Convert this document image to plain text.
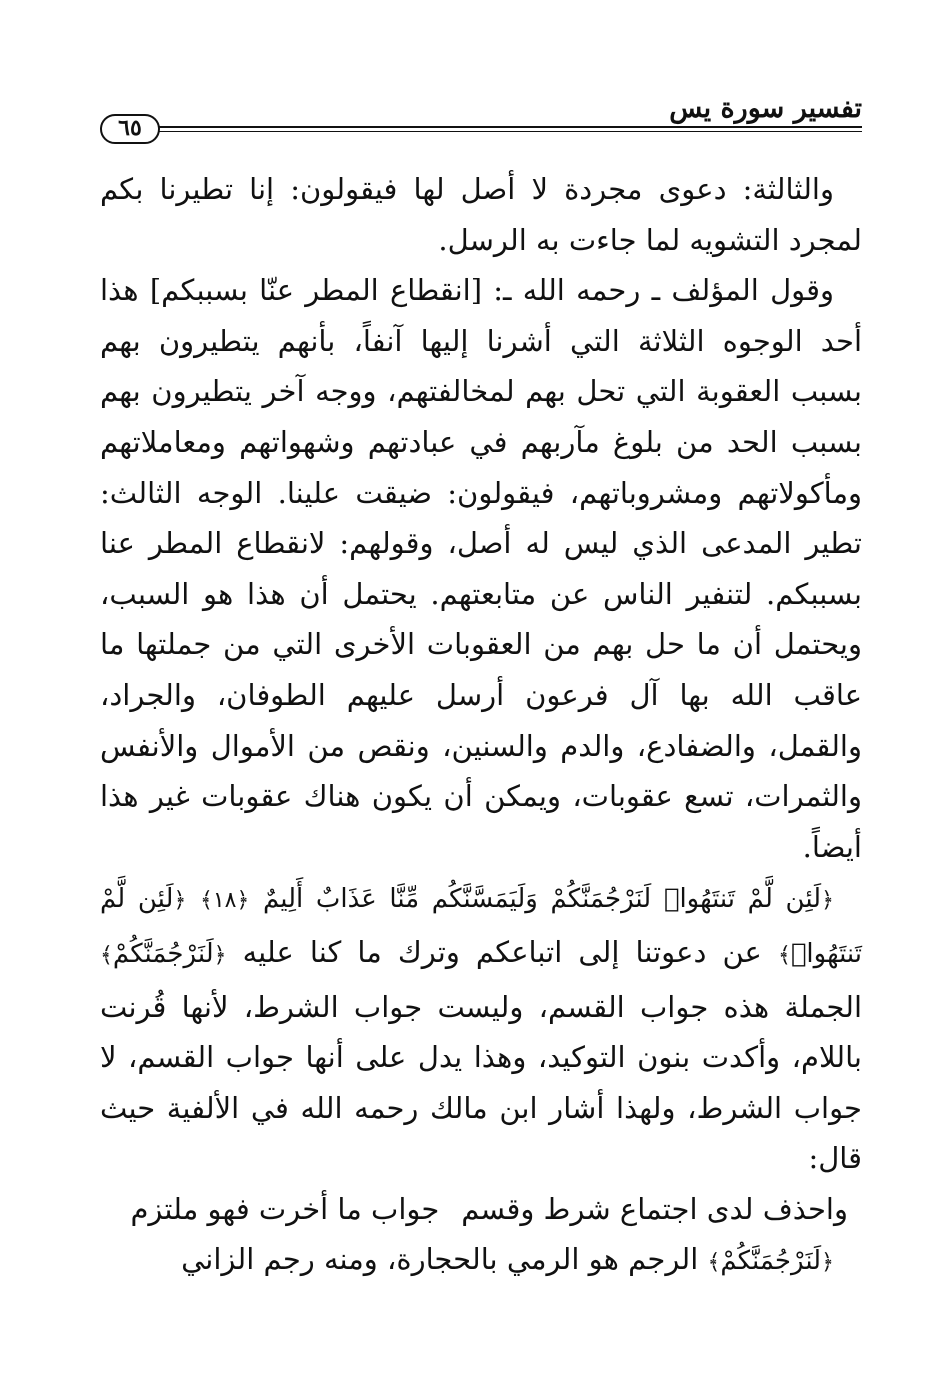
تفسير سورة يس
٦٥

والثالثة: دعوى مجردة لا أصل لها فيقولون: إنا تطيرنا بكم لمجرد التشويه لما جاءت به الرسل.

وقول المؤلف ـ رحمه الله ـ: [انقطاع المطر عنّا بسببكم] هذا أحد الوجوه الثلاثة التي أشرنا إليها آنفاً، بأنهم يتطيرون بهم بسبب العقوبة التي تحل بهم لمخالفتهم، ووجه آخر يتطيرون بهم بسبب الحد من بلوغ مآربهم في عبادتهم وشهواتهم ومعاملاتهم ومأكولاتهم ومشروباتهم، فيقولون: ضيقت علينا. الوجه الثالث: تطير المدعى الذي ليس له أصل، وقولهم: لانقطاع المطر عنا بسببكم. لتنفير الناس عن متابعتهم. يحتمل أن هذا هو السبب، ويحتمل أن ما حل بهم من العقوبات الأخرى التي من جملتها ما عاقب الله بها آل فرعون أرسل عليهم الطوفان، والجراد، والقمل، والضفادع، والدم والسنين، ونقص من الأموال والأنفس والثمرات، تسع عقوبات، ويمكن أن يكون هناك عقوبات غير هذا أيضاً.

﴿لَئِن لَّمْ تَنتَهُوا۟ لَنَرْجُمَنَّكُمْ وَلَيَمَسَّنَّكُم مِّنَّا عَذَابٌ أَلِيمٌ ﴿١٨﴾ ﴿لَئِن لَّمْ تَنتَهُوا۟﴾ عن دعوتنا إلى اتباعكم وترك ما كنا عليه ﴿لَنَرْجُمَنَّكُمْ﴾ الجملة هذه جواب القسم، وليست جواب الشرط، لأنها قُرنت باللام، وأكدت بنون التوكيد، وهذا يدل على أنها جواب القسم، لا جواب الشرط، ولهذا أشار ابن مالك رحمه الله في الألفية حيث قال:

واحذف لدى اجتماع شرط وقسم
جواب ما أخرت فهو ملتزم

﴿لَنَرْجُمَنَّكُمْ﴾ الرجم هو الرمي بالحجارة، ومنه رجم الزاني
